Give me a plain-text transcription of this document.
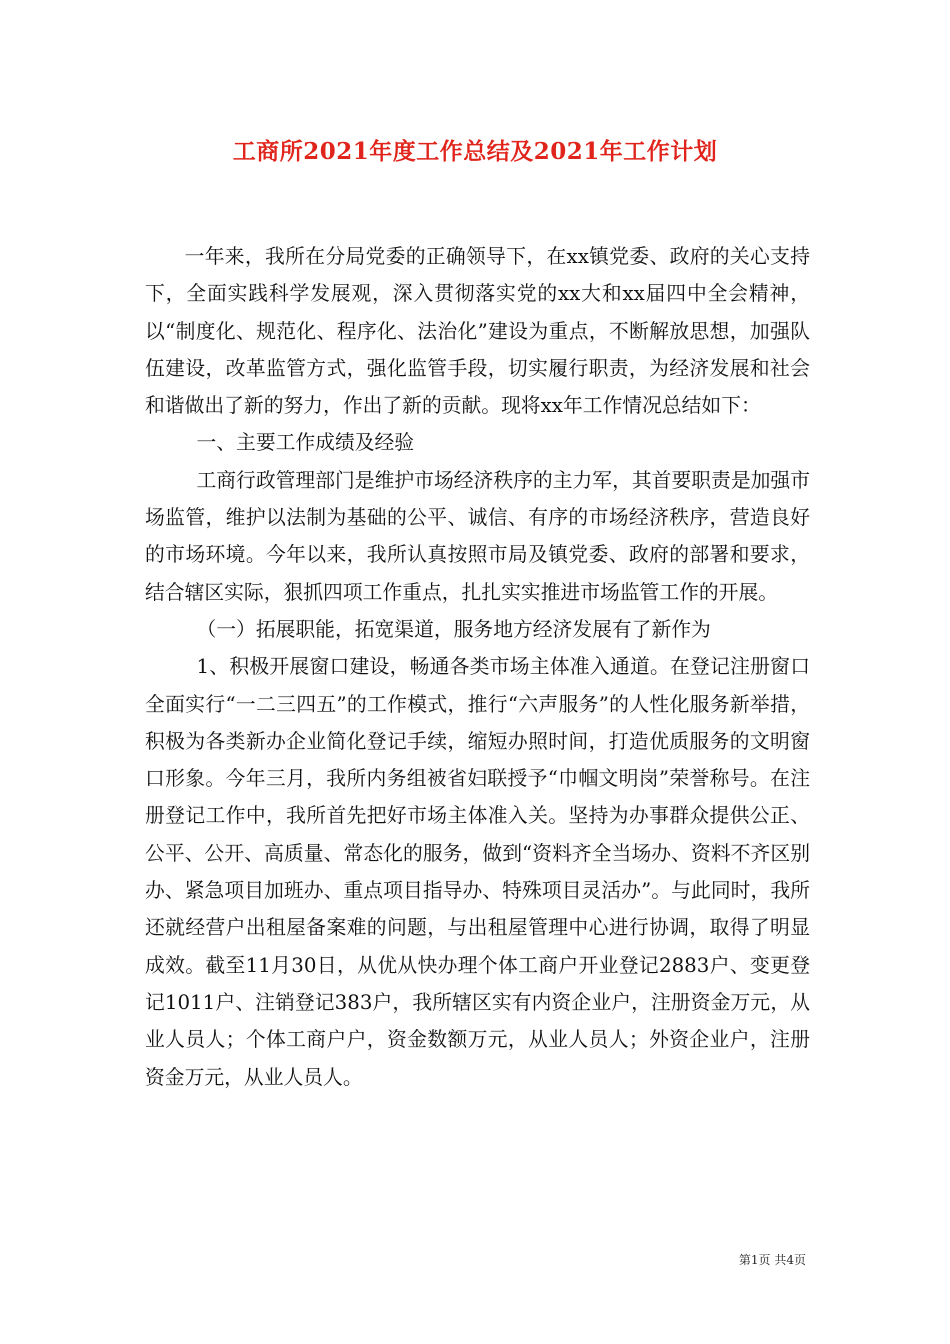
工商所2021年度工作总结及2021年工作计划

一年来，我所在分局党委的正确领导下，在xx镇党委、政府的关心支持下，全面实践科学发展观，深入贯彻落实党的xx大和xx届四中全会精神，以“制度化、规范化、程序化、法治化”建设为重点，不断解放思想，加强队伍建设，改革监管方式，强化监管手段，切实履行职责，为经济发展和社会和谐做出了新的努力，作出了新的贡献。现将xx年工作情况总结如下：

一、主要工作成绩及经验

工商行政管理部门是维护市场经济秩序的主力军，其首要职责是加强市场监管，维护以法制为基础的公平、诚信、有序的市场经济秩序，营造良好的市场环境。今年以来，我所认真按照市局及镇党委、政府的部署和要求，结合辖区实际，狠抓四项工作重点，扎扎实实推进市场监管工作的开展。

（一）拓展职能，拓宽渠道，服务地方经济发展有了新作为

1、积极开展窗口建设，畅通各类市场主体准入通道。在登记注册窗口全面实行“一二三四五”的工作模式，推行“六声服务”的人性化服务新举措，积极为各类新办企业简化登记手续，缩短办照时间，打造优质服务的文明窗口形象。今年三月，我所内务组被省妇联授予“巾帼文明岗”荣誉称号。在注册登记工作中，我所首先把好市场主体准入关。坚持为办事群众提供公正、公平、公开、高质量、常态化的服务，做到“资料齐全当场办、资料不齐区别办、紧急项目加班办、重点项目指导办、特殊项目灵活办”。与此同时，我所还就经营户出租屋备案难的问题，与出租屋管理中心进行协调，取得了明显成效。截至11月30日，从优从快办理个体工商户开业登记2883户、变更登记1011户、注销登记383户，我所辖区实有内资企业户，注册资金万元，从业人员人；个体工商户户，资金数额万元，从业人员人；外资企业户，注册资金万元，从业人员人。

第1页 共4页
